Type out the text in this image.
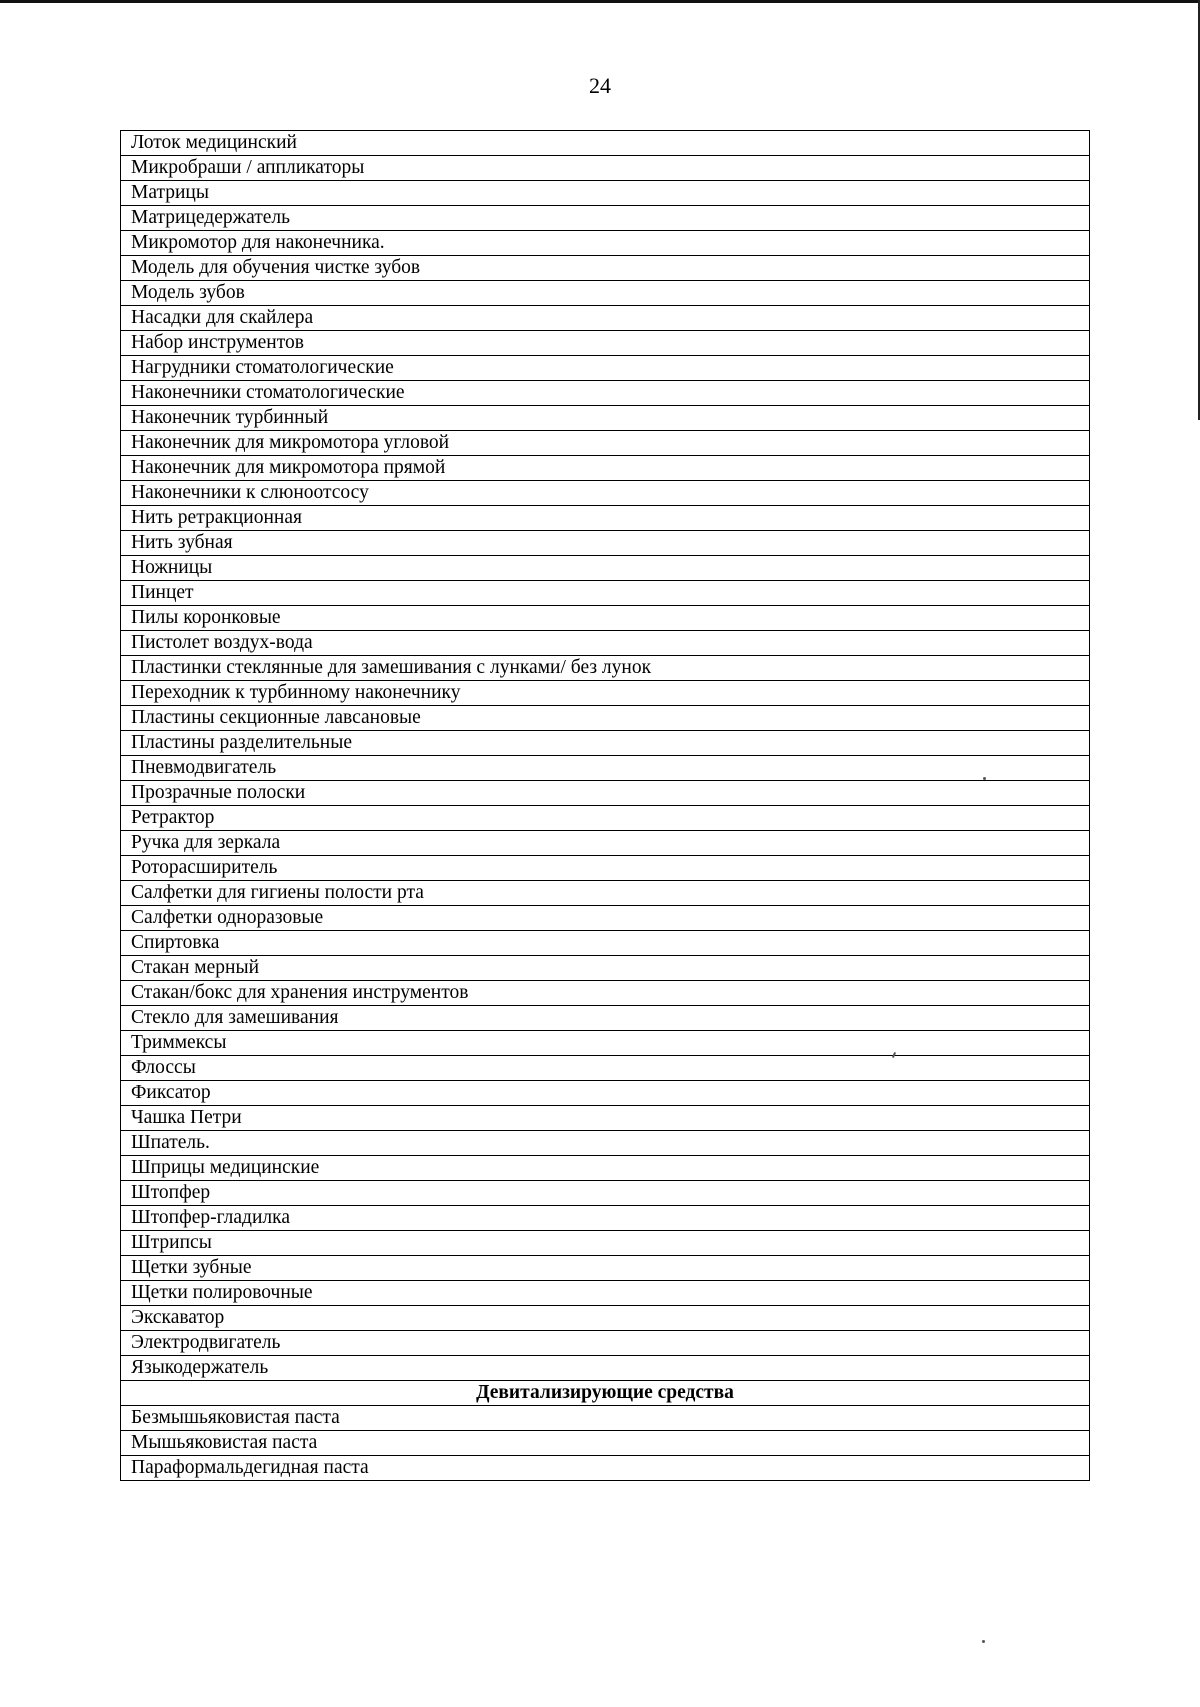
24
Лоток медицинский
Микробраши / аппликаторы
Матрицы
Матрицедержатель
Микромотор для наконечника.
Модель для обучения чистке зубов
Модель зубов
Насадки для скайлера
Набор инструментов
Нагрудники стоматологические
Наконечники стоматологические
Наконечник турбинный
Наконечник для микромотора угловой
Наконечник для микромотора прямой
Наконечники к слюноотсосу
Нить ретракционная
Нить зубная
Ножницы
Пинцет
Пилы коронковые
Пистолет воздух-вода
Пластинки стеклянные для замешивания с лунками/ без лунок
Переходник к турбинному наконечнику
Пластины секционные лавсановые
Пластины разделительные
Пневмодвигатель
Прозрачные полоски
Ретрактор
Ручка для зеркала
Роторасширитель
Салфетки для гигиены полости рта
Салфетки одноразовые
Спиртовка
Стакан мерный
Стакан/бокс для хранения инструментов
Стекло для замешивания
Триммексы
Флоссы
Фиксатор
Чашка Петри
Шпатель.
Шприцы медицинские
Штопфер
Штопфер-гладилка
Штрипсы
Щетки зубные
Щетки полировочные
Экскаватор
Электродвигатель
Языкодержатель
Девитализирующие средства
Безмышьяковистая паста
Мышьяковистая паста
Параформальдегидная паста
